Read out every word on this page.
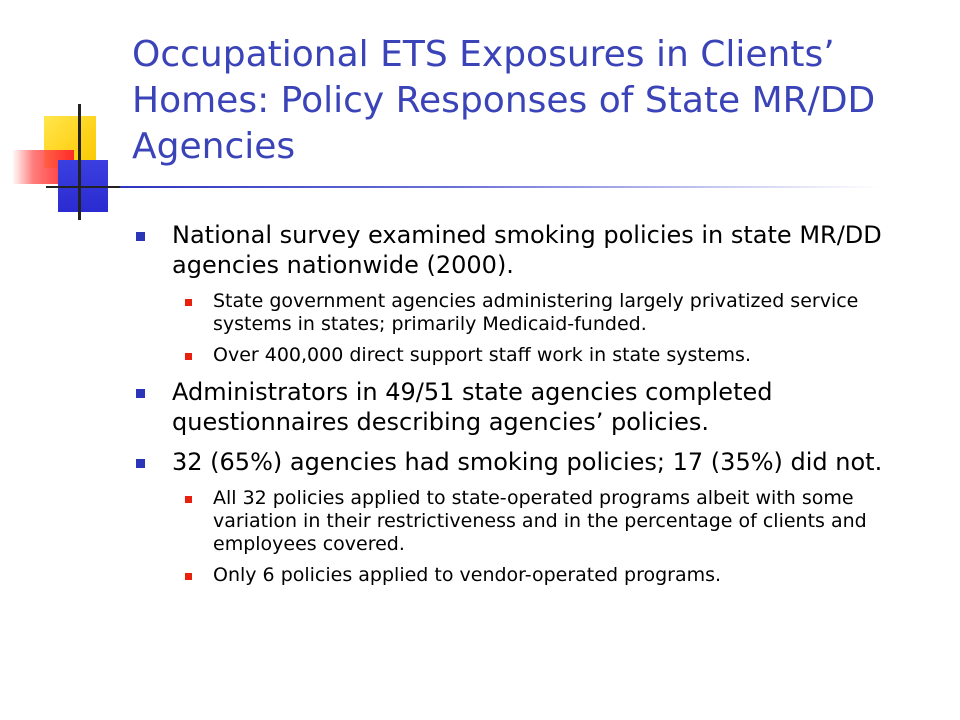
Occupational ETS Exposures in Clients’ Homes: Policy Responses of State MR/DD Agencies
National survey examined smoking policies in state MR/DD agencies nationwide (2000).
State government agencies administering largely privatized service systems in states; primarily Medicaid-funded.
Over 400,000 direct support staff work in state systems.
Administrators in 49/51 state agencies completed questionnaires describing agencies’ policies.
32 (65%) agencies had smoking policies; 17 (35%) did not.
All 32 policies applied to state-operated programs albeit with some variation in their restrictiveness and in the percentage of clients and employees covered.
Only 6 policies applied to vendor-operated programs.
